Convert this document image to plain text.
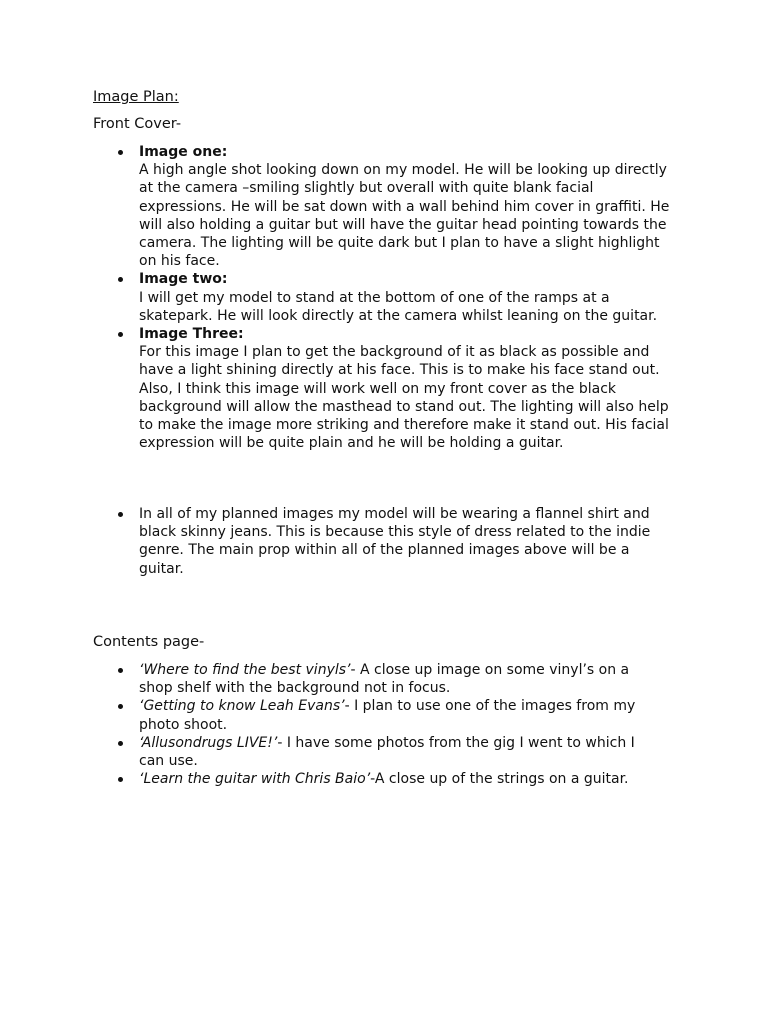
Image Plan:

Front Cover-

Image one:
A high angle shot looking down on my model. He will be looking up directly at the camera –smiling slightly but overall with quite blank facial expressions. He will be sat down with a wall behind him cover in graffiti. He will also holding a guitar but will have the guitar head pointing towards the camera. The lighting will be quite dark but I plan to have a slight highlight on his face.
Image two:
I will get my model to stand at the bottom of one of the ramps at a skatepark. He will look directly at the camera whilst leaning on the guitar.
Image Three:
For this image I plan to get the background of it as black as possible and have a light shining directly at his face. This is to make his face stand out. Also, I think this image will work well on my front cover as the black background will allow the masthead to stand out. The lighting will also help to make the image more striking and therefore make it stand out. His facial expression will be quite plain and he will be holding a guitar.
In all of my planned images my model will be wearing a flannel shirt and black skinny jeans. This is because this style of dress related to the indie genre. The main prop within all of the planned images above will be a guitar.

Contents page-

‘Where to find the best vinyls’- A close up image on some vinyl’s on a shop shelf with the background not in focus.
‘Getting to know Leah Evans’- I plan to use one of the images from my photo shoot.
‘Allusondrugs LIVE!’- I have some photos from the gig I went to which I can use.
‘Learn the guitar with Chris Baio’-A close up of the strings on a guitar.
